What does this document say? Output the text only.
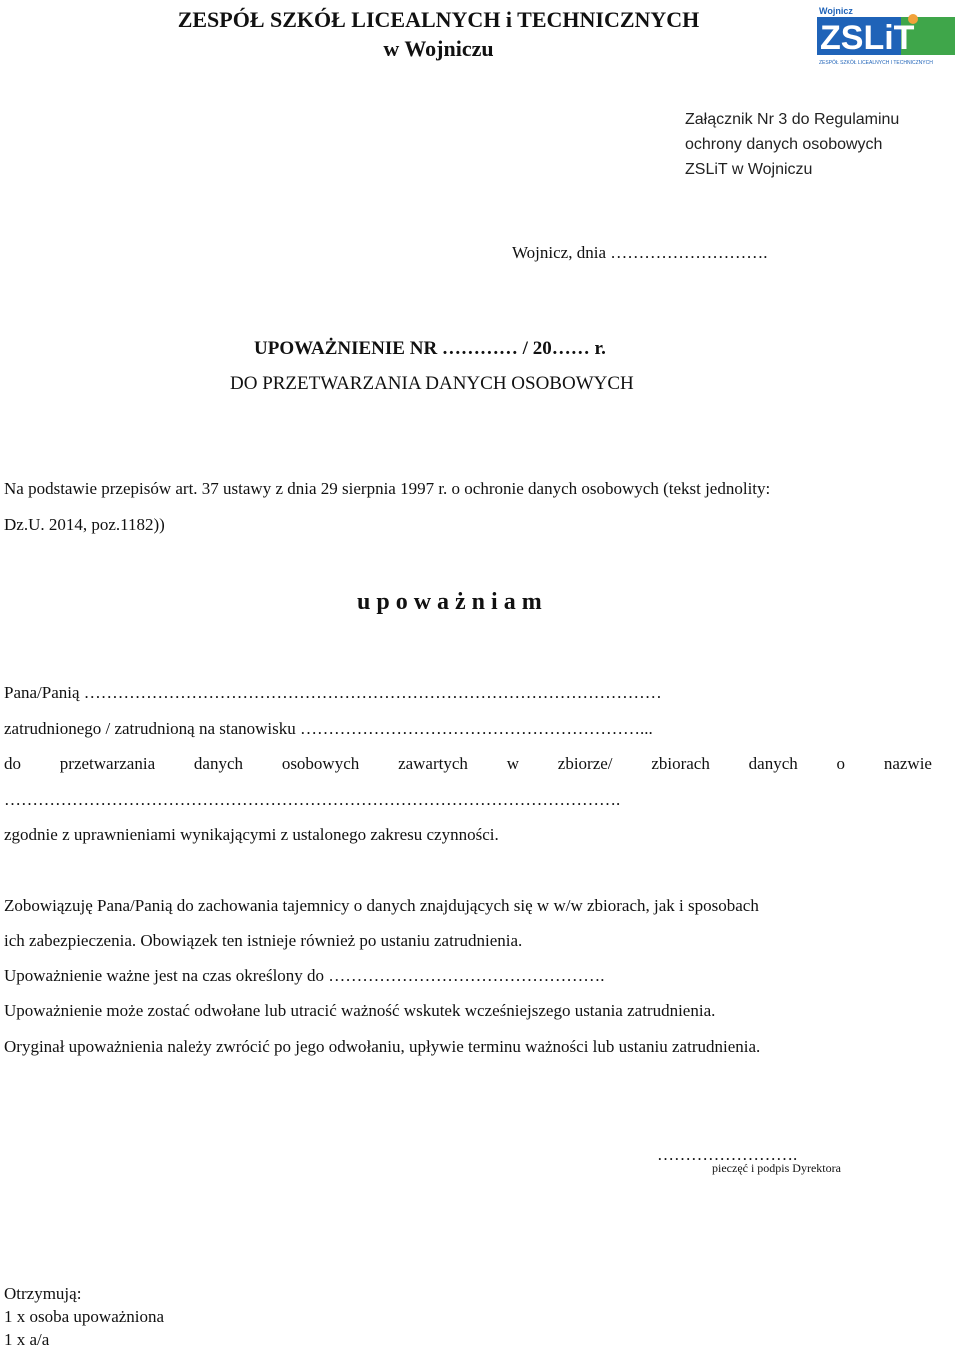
ZESPÓŁ SZKÓŁ LICEALNYCH i TECHNICZNYCH
w Wojniczu
Wojnicz
ZSLiT
ZESPÓŁ SZKÓŁ LICEALNYCH I TECHNICZNYCH
Załącznik Nr 3 do Regulaminu
ochrony danych osobowych
ZSLiT w Wojniczu
Wojnicz, dnia ……………………….
UPOWAŻNIENIE NR ………… / 20…… r.
DO PRZETWARZANIA DANYCH OSOBOWYCH
Na podstawie przepisów art. 37 ustawy z dnia 29 sierpnia 1997 r. o ochronie danych osobowych (tekst jednolity:
Dz.U. 2014, poz.1182))
u p o w a ż n i a m
Pana/Panią …………………………………………………………………………………………
zatrudnionego / zatrudnioną na stanowisku ……………………………………………………...
do przetwarzania danych osobowych zawartych w zbiorze/ zbiorach danych o nazwie
……………………………………………………………………………………………….
zgodnie z uprawnieniami wynikającymi z ustalonego zakresu czynności.
Zobowiązuję Pana/Panią do zachowania tajemnicy o danych znajdujących się w w/w zbiorach, jak i sposobach
ich zabezpieczenia. Obowiązek ten istnieje również po ustaniu zatrudnienia.
Upoważnienie ważne jest na czas określony do ………………………………………….
Upoważnienie może zostać odwołane lub utracić ważność wskutek wcześniejszego ustania zatrudnienia.
Oryginał upoważnienia należy zwrócić po jego odwołaniu, upływie terminu ważności lub ustaniu zatrudnienia.
…………………….
pieczęć i podpis Dyrektora
Otrzymują:
1 x osoba upoważniona
1 x a/a
